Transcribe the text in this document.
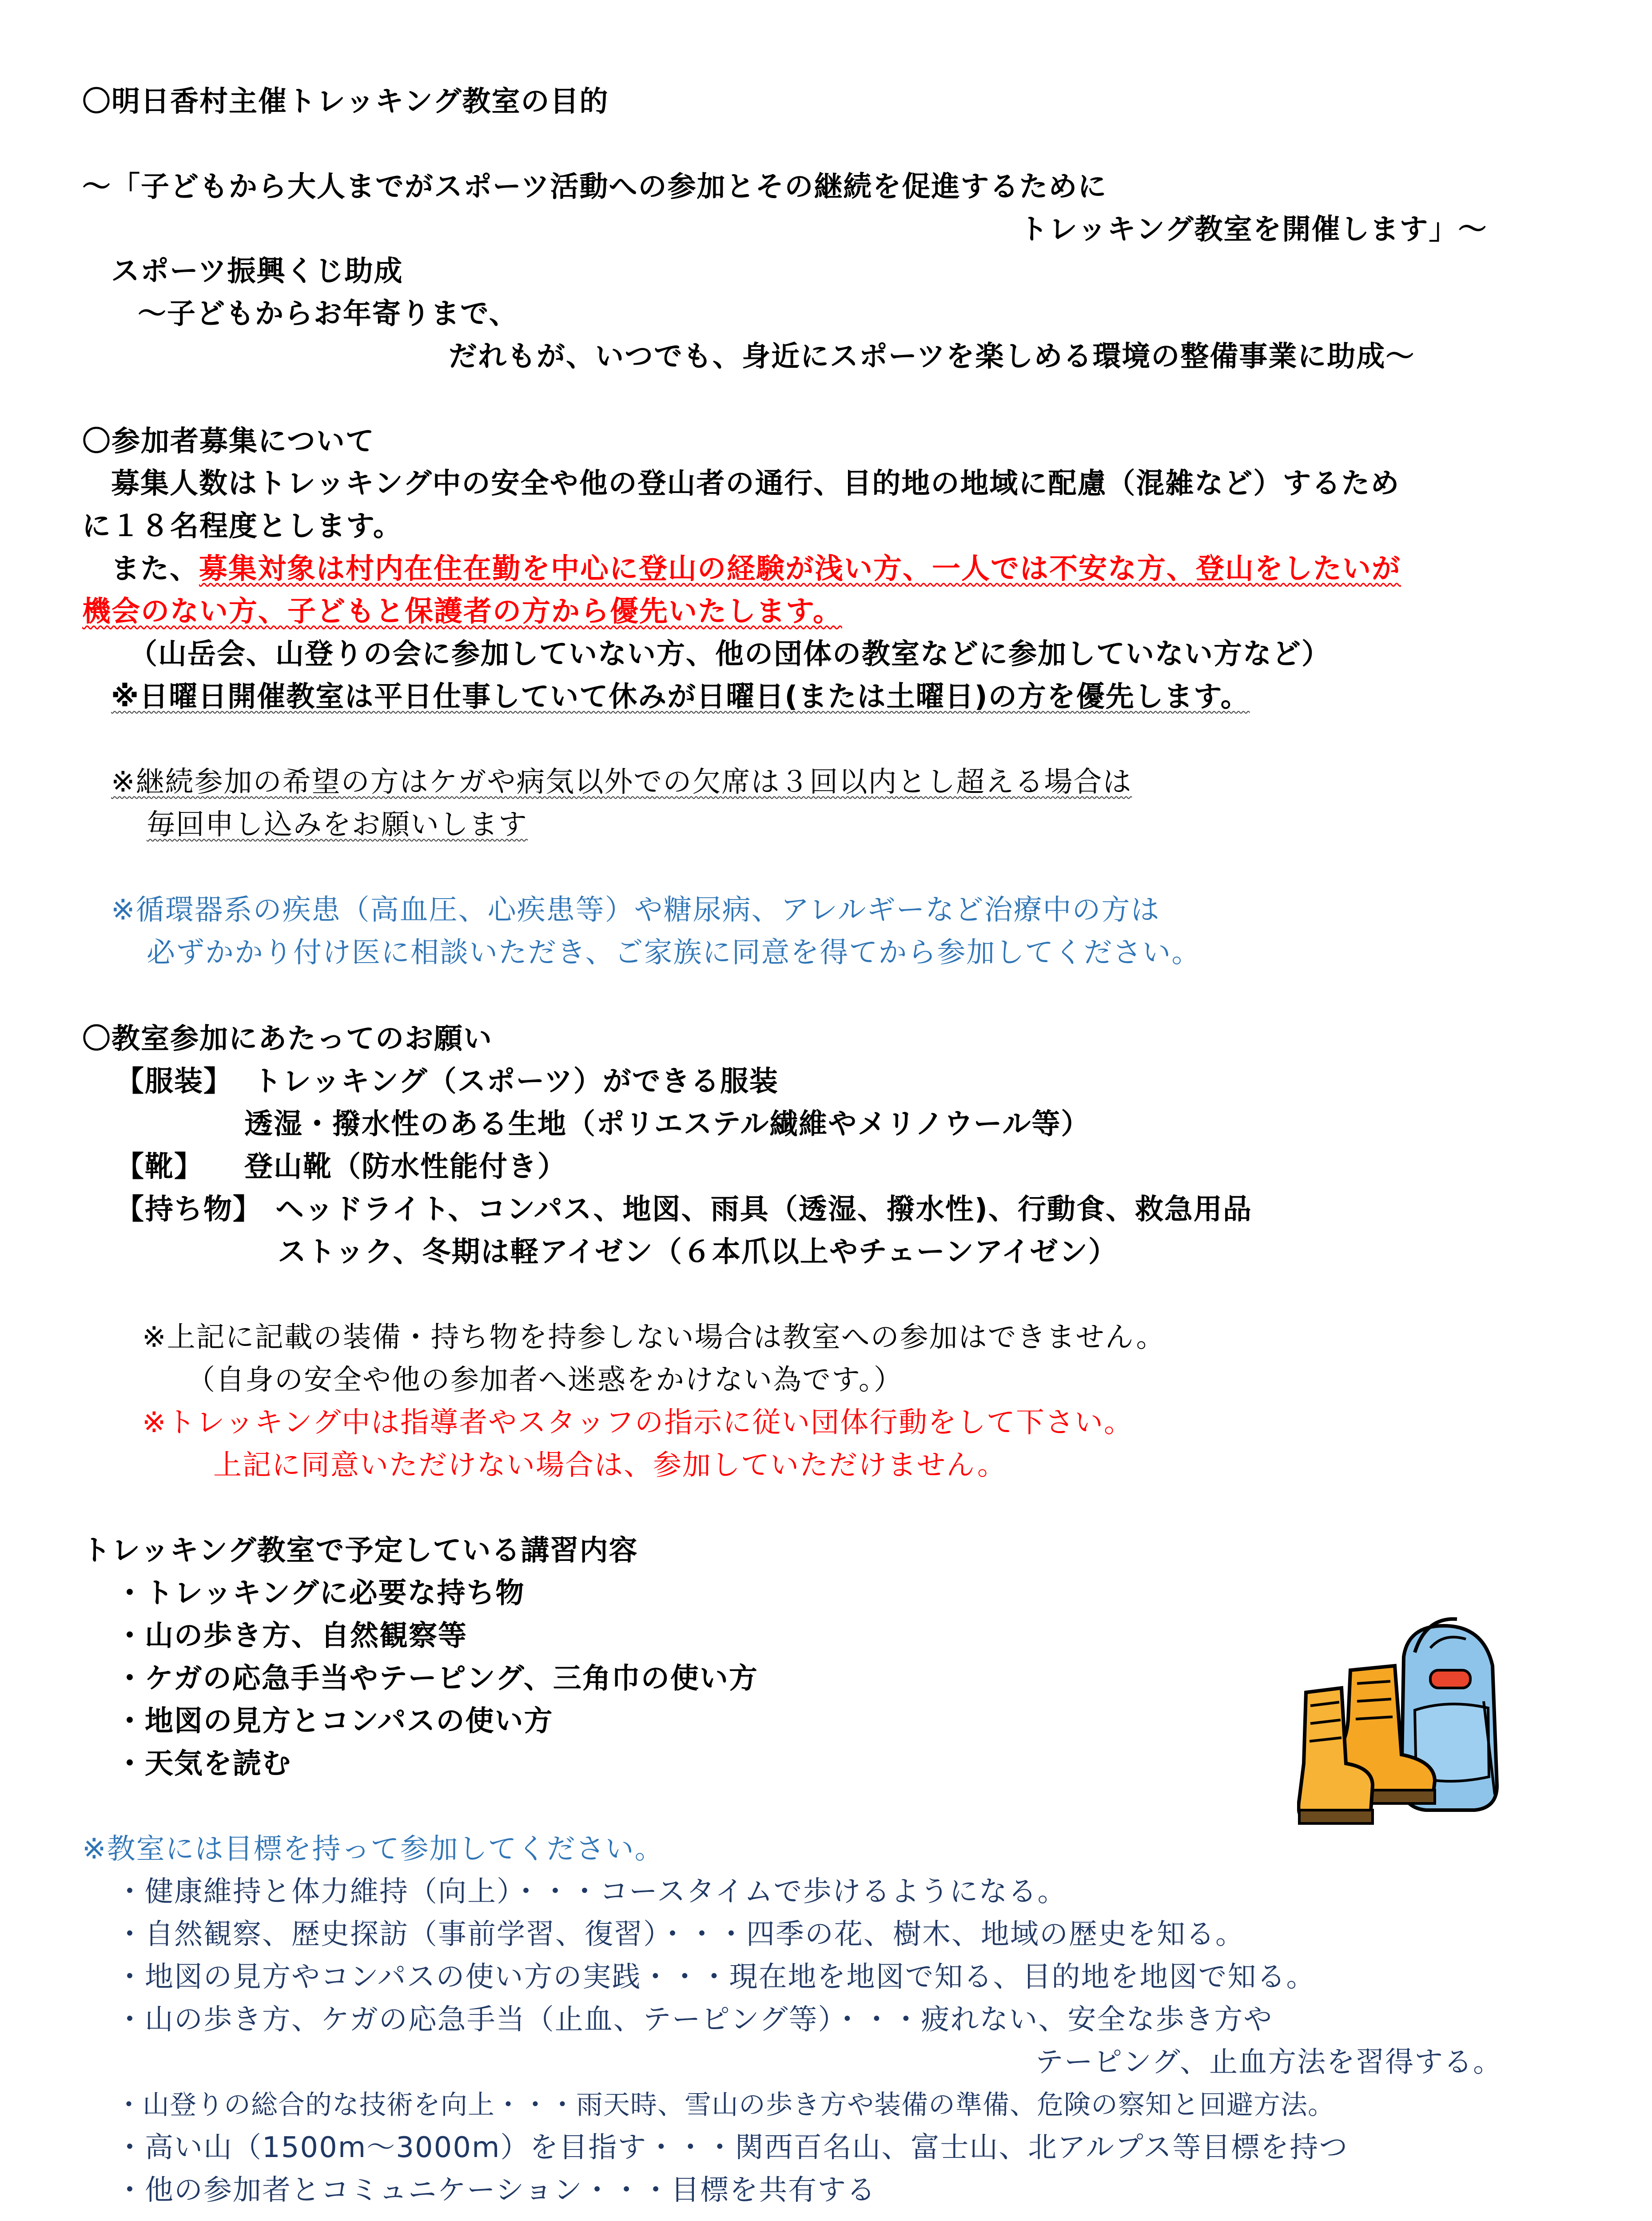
〇明日香村主催トレッキング教室の目的
～「子どもから大人までがスポーツ活動への参加とその継続を促進するために
トレッキング教室を開催します」～
スポーツ振興くじ助成
～子どもからお年寄りまで、
だれもが、いつでも、身近にスポーツを楽しめる環境の整備事業に助成～
〇参加者募集について
募集人数はトレッキング中の安全や他の登山者の通行、目的地の地域に配慮（混雑など）するため
に１８名程度とします。
また、募集対象は村内在住在勤を中心に登山の経験が浅い方、一人では不安な方、登山をしたいが
機会のない方、子どもと保護者の方から優先いたします。
（山岳会、山登りの会に参加していない方、他の団体の教室などに参加していない方など）
※日曜日開催教室は平日仕事していて休みが日曜日(または土曜日)の方を優先します。
※継続参加の希望の方はケガや病気以外での欠席は３回以内とし超える場合は
毎回申し込みをお願いします
※循環器系の疾患（高血圧、心疾患等）や糖尿病、アレルギーなど治療中の方は
必ずかかり付け医に相談いただき、ご家族に同意を得てから参加してください。
〇教室参加にあたってのお願い
【服装】 トレッキング（スポーツ）ができる服装
透湿・撥水性のある生地（ポリエステル繊維やメリノウール等）
【靴】 登山靴（防水性能付き）
【持ち物】 ヘッドライト、コンパス、地図、雨具（透湿、撥水性)、行動食、救急用品
ストック、冬期は軽アイゼン（６本爪以上やチェーンアイゼン）
※上記に記載の装備・持ち物を持参しない場合は教室への参加はできません。
（自身の安全や他の参加者へ迷惑をかけない為です。）
※トレッキング中は指導者やスタッフの指示に従い団体行動をして下さい。
上記に同意いただけない場合は、参加していただけません。
トレッキング教室で予定している講習内容
・トレッキングに必要な持ち物
・山の歩き方、自然観察等
・ケガの応急手当やテーピング、三角巾の使い方
・地図の見方とコンパスの使い方
・天気を読む
※教室には目標を持って参加してください。
・健康維持と体力維持（向上）・・・コースタイムで歩けるようになる。
・自然観察、歴史探訪（事前学習、復習）・・・四季の花、樹木、地域の歴史を知る。
・地図の見方やコンパスの使い方の実践・・・現在地を地図で知る、目的地を地図で知る。
・山の歩き方、ケガの応急手当（止血、テーピング等）・・・疲れない、安全な歩き方や
テーピング、止血方法を習得する。
・山登りの総合的な技術を向上・・・雨天時、雪山の歩き方や装備の準備、危険の察知と回避方法。
・高い山（1500m～3000m）を目指す・・・関西百名山、富士山、北アルプス等目標を持つ
・他の参加者とコミュニケーション・・・目標を共有する
